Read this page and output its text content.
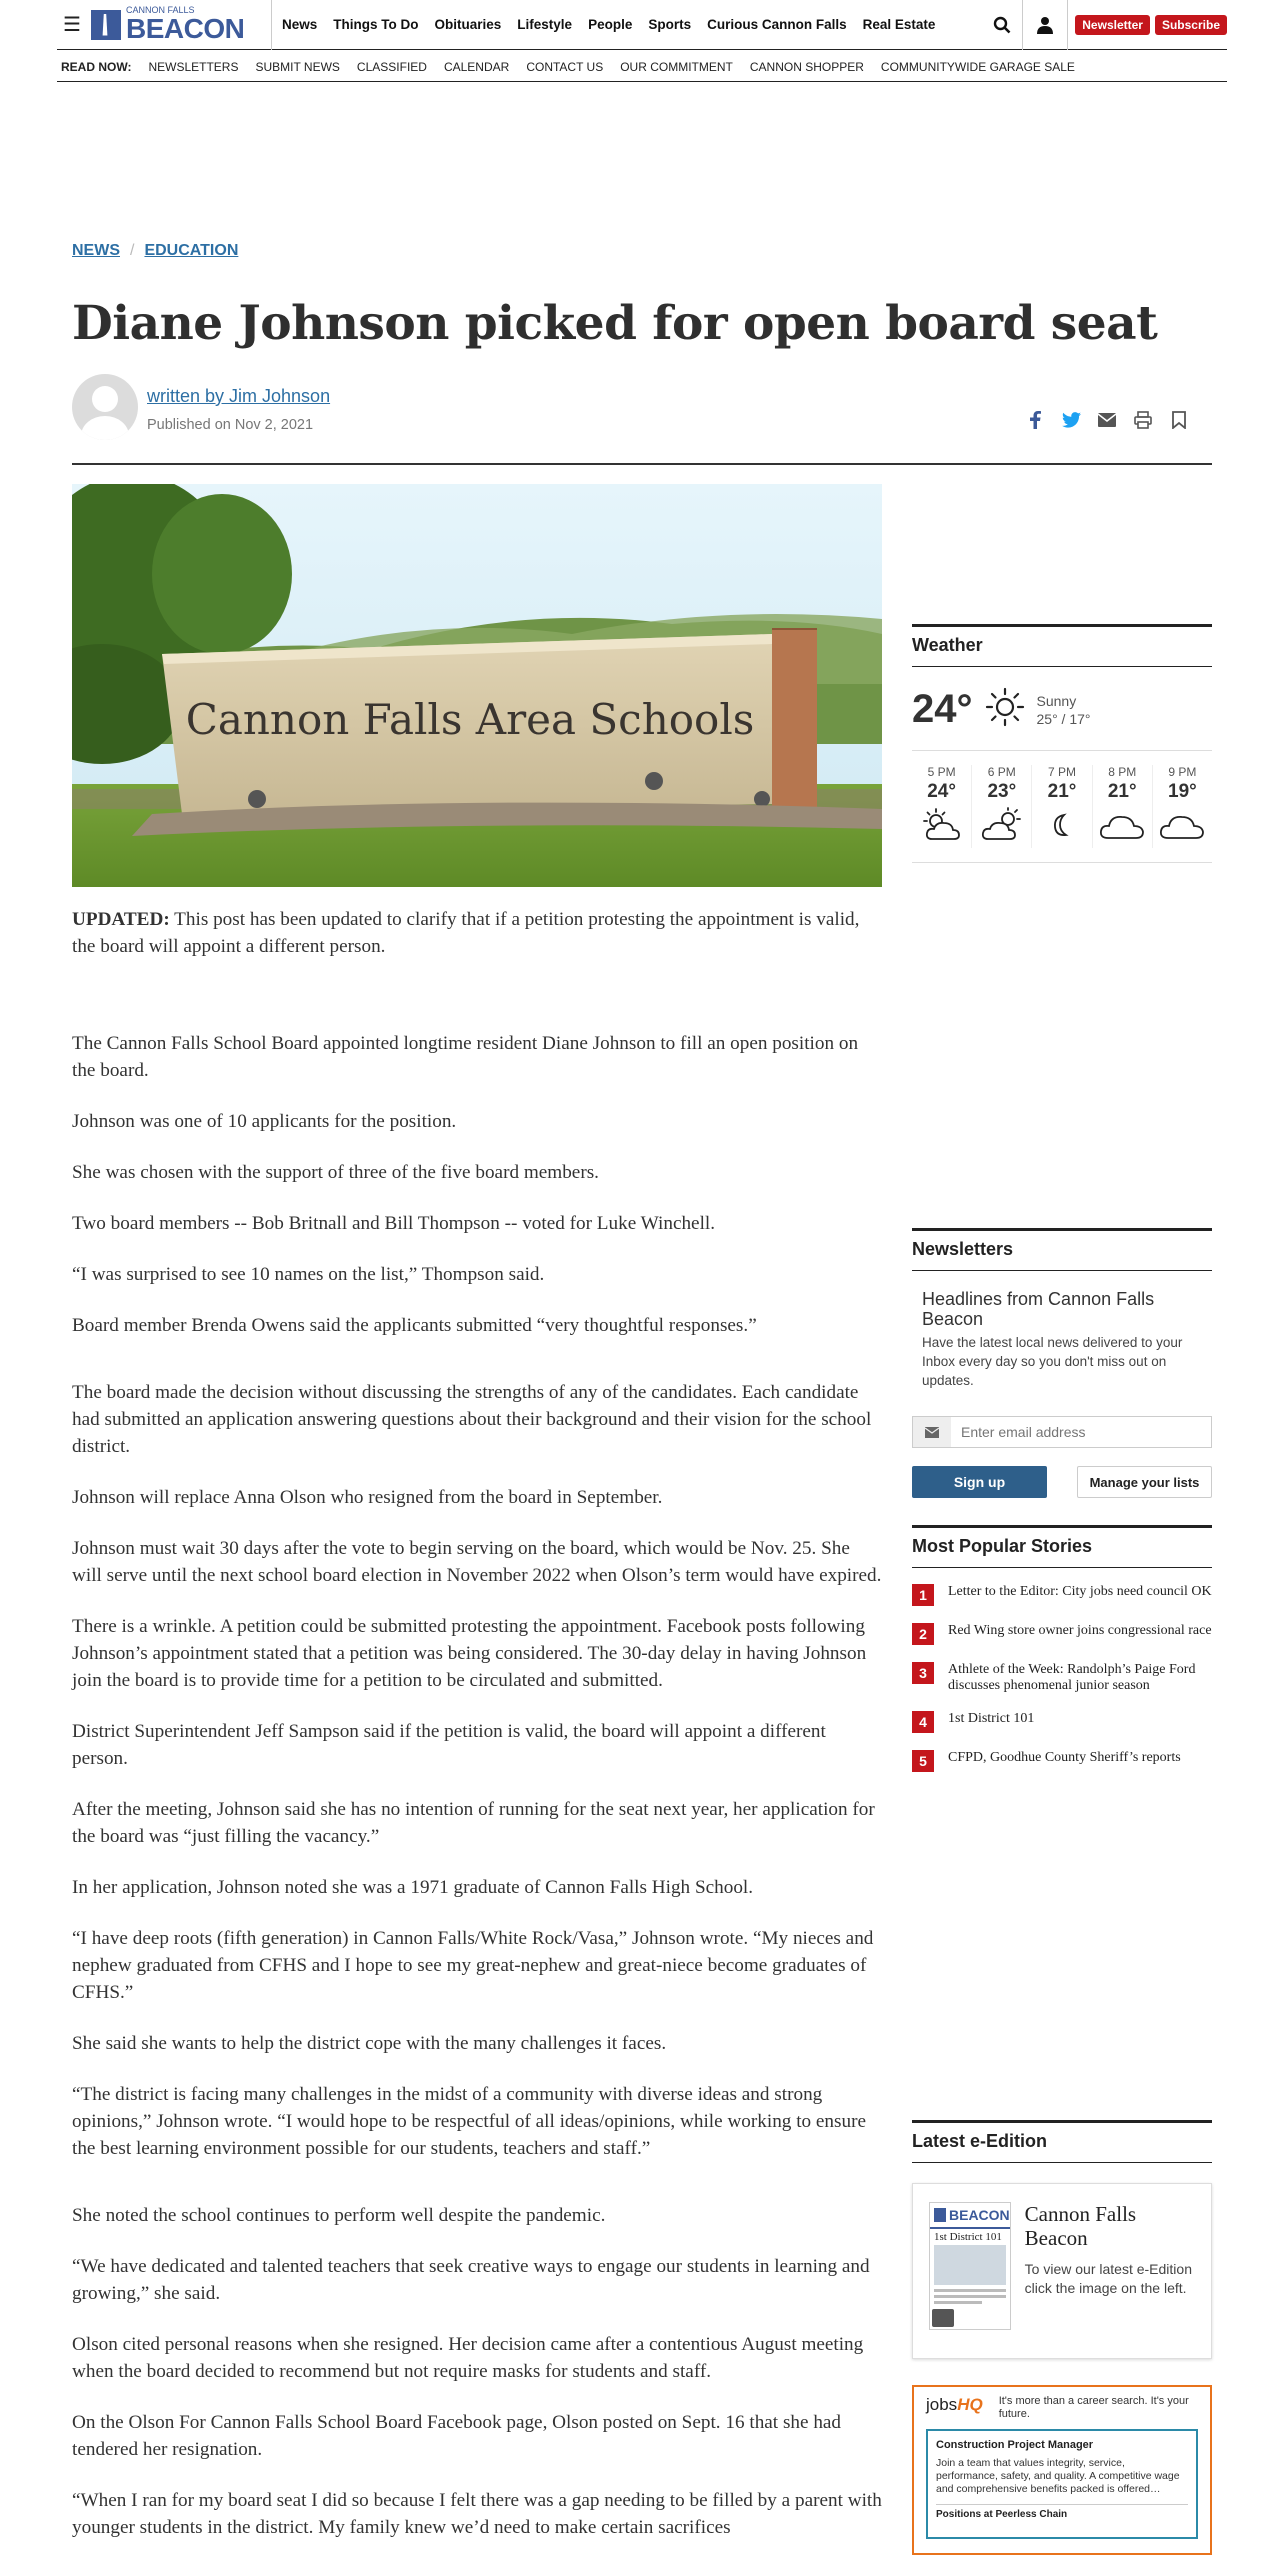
☰
CANNON FALLS
BEACON	News Things To Do Obituaries Lifestyle People Sports Curious Cannon Falls Real Estate	Newsletter	Subscribe
READ NOW: NEWSLETTERS SUBMIT NEWS CLASSIFIED CALENDAR CONTACT US OUR COMMITMENT CANNON SHOPPER COMMUNITYWIDE GARAGE SALE
NEWS / EDUCATION
Diane Johnson picked for open board seat
written by Jim Johnson
Published on Nov 2, 2021
Cannon Falls Area Schools

UPDATED: This post has been updated to clarify that if a petition protesting the appointment is valid, the board will appoint a different person.

The Cannon Falls School Board appointed longtime resident Diane Johnson to fill an open position on the board.

Johnson was one of 10 applicants for the position.

She was chosen with the support of three of the five board members.

Two board members -- Bob Britnall and Bill Thompson -- voted for Luke Winchell.

“I was surprised to see 10 names on the list,” Thompson said.

Board member Brenda Owens said the applicants submitted “very thoughtful responses.”

The board made the decision without discussing the strengths of any of the candidates. Each candidate had submitted an application answering questions about their background and their vision for the school district.

Johnson will replace Anna Olson who resigned from the board in September.

Johnson must wait 30 days after the vote to begin serving on the board, which would be Nov. 25. She will serve until the next school board election in November 2022 when Olson’s term would have expired.

There is a wrinkle. A petition could be submitted protesting the appointment. Facebook posts following Johnson’s appointment stated that a petition was being considered. The 30-day delay in having Johnson join the board is to provide time for a petition to be circulated and submitted.

District Superintendent Jeff Sampson said if the petition is valid, the board will appoint a different person.

After the meeting, Johnson said she has no intention of running for the seat next year, her application for the board was “just filling the vacancy.”

In her application, Johnson noted she was a 1971 graduate of Cannon Falls High School.

“I have deep roots (fifth generation) in Cannon Falls/White Rock/Vasa,” Johnson wrote. “My nieces and nephew graduated from CFHS and I hope to see my great-nephew and great-niece become graduates of CFHS.”

She said she wants to help the district cope with the many challenges it faces.

“The district is facing many challenges in the midst of a community with diverse ideas and strong opinions,” Johnson wrote. “I would hope to be respectful of all ideas/opinions, while working to ensure the best learning environment possible for our students, teachers and staff.”

She noted the school continues to perform well despite the pandemic.

“We have dedicated and talented teachers that seek creative ways to engage our students in learning and growing,” she said.

Olson cited personal reasons when she resigned. Her decision came after a contentious August meeting when the board decided to recommend but not require masks for students and staff.

On the Olson For Cannon Falls School Board Facebook page, Olson posted on Sept. 16 that she had tendered her resignation.

“When I ran for my board seat I did so because I felt there was a gap needing to be filled by a parent with younger students in the district. My family knew we’d need to make certain sacrifices

Weather
24°	Sunny
25° / 17°
5 PM
24°
6 PM
23°
7 PM
21°
8 PM
21°
9 PM
19°
Newsletters
Headlines from Cannon Falls Beacon
Have the latest local news delivered to your Inbox every day so you don't miss out on updates.
Enter email address
Sign up	Manage your lists
Most Popular Stories
1	Letter to the Editor: City jobs need council OK
2	Red Wing store owner joins congressional race
3	Athlete of the Week: Randolph’s Paige Ford discusses phenomenal junior season
4	1st District 101
5	CFPD, Goodhue County Sheriff’s reports
Latest e-Edition
BEACON
1st District 101
Cannon Falls Beacon
To view our latest e-Edition click the image on the left.
jobsHQ It's more than a career search. It's your future.
Construction Project Manager
Join a team that values integrity, service, performance, safety, and quality. A competitive wage and comprehensive benefits packed is offered…
Positions at Peerless Chain
